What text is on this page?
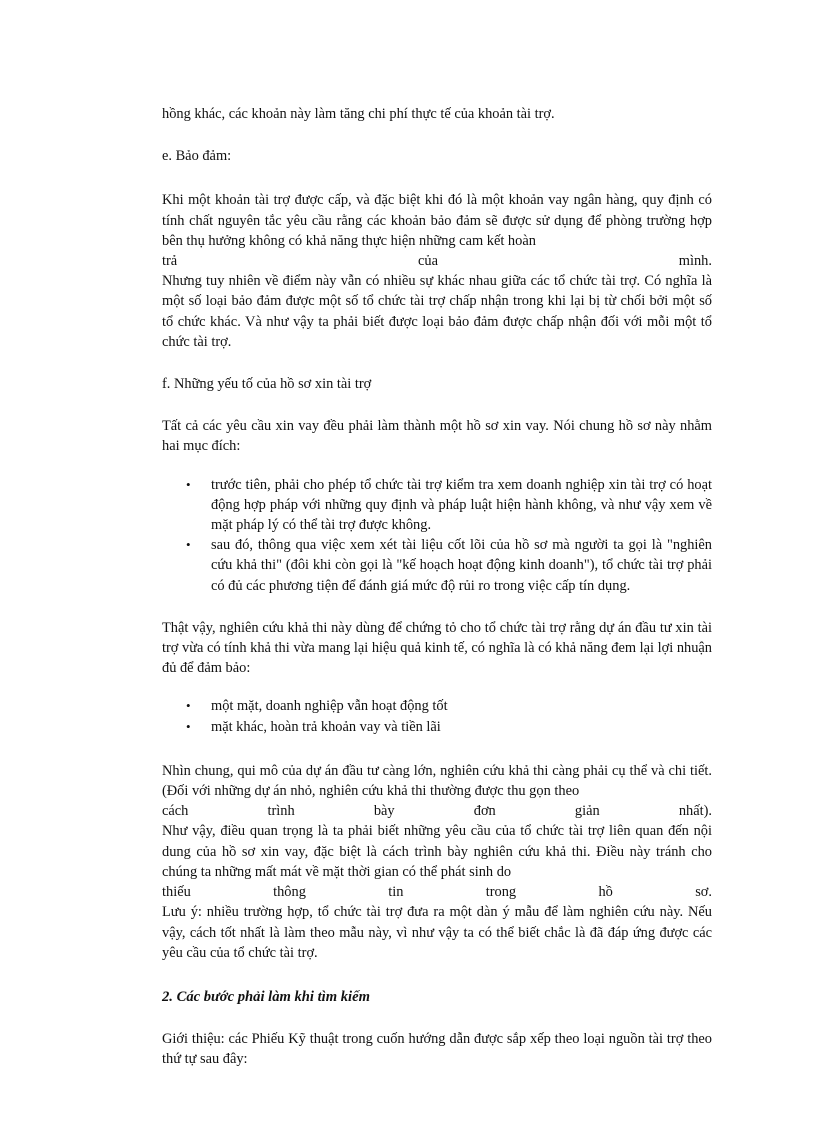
hồng khác, các khoản này làm tăng chi phí thực tế của khoản tài trợ.

e. Bảo đảm:

Khi một khoản tài trợ được cấp, và đặc biệt khi đó là một khoản vay ngân hàng, quy định có tính chất nguyên tắc yêu cầu rằng các khoản bảo đảm sẽ được sử dụng để phòng trường hợp bên thụ hưởng không có khả năng thực hiện những cam kết hoàn

trả	của	mình.

Nhưng tuy nhiên về điểm này vẫn có nhiều sự khác nhau giữa các tổ chức tài trợ. Có nghĩa là một số loại bảo đảm được một số tổ chức tài trợ chấp nhận trong khi lại bị từ chối bởi một số tổ chức khác. Và như vậy ta phải biết được loại bảo đảm được chấp nhận đối với mỗi một tổ chức tài trợ.

f. Những yếu tố của hồ sơ xin tài trợ

Tất cả các yêu cầu xin vay đều phải làm thành một hồ sơ xin vay. Nói chung hồ sơ này nhằm hai mục đích:

• trước tiên, phải cho phép tổ chức tài trợ kiểm tra xem doanh nghiệp xin tài trợ có hoạt động hợp pháp với những quy định và pháp luật hiện hành không, và như vậy xem về mặt pháp lý có thể tài trợ được không.
• sau đó, thông qua việc xem xét tài liệu cốt lõi của hồ sơ mà người ta gọi là "nghiên cứu khả thi" (đôi khi còn gọi là "kế hoạch hoạt động kinh doanh"), tổ chức tài trợ phải có đủ các phương tiện để đánh giá mức độ rủi ro trong việc cấp tín dụng.

Thật vậy, nghiên cứu khả thi này dùng để chứng tỏ cho tổ chức tài trợ rằng dự án đầu tư xin tài trợ vừa có tính khả thi vừa mang lại hiệu quả kinh tế, có nghĩa là có khả năng đem lại lợi nhuận đủ để đảm bảo:

• một mặt, doanh nghiệp vẫn hoạt động tốt
• mặt khác, hoàn trả khoản vay và tiền lãi

Nhìn chung, qui mô của dự án đầu tư càng lớn, nghiên cứu khả thi càng phải cụ thể và chi tiết. (Đối với những dự án nhỏ, nghiên cứu khả thi thường được thu gọn theo

cách	trình	bày	đơn	giản	nhất).

Như vậy, điều quan trọng là ta phải biết những yêu cầu của tổ chức tài trợ liên quan đến nội dung của hồ sơ xin vay, đặc biệt là cách trình bày nghiên cứu khả thi. Điều này tránh cho chúng ta những mất mát về mặt thời gian có thể phát sinh do

thiếu	thông	tin	trong	hồ	sơ.

Lưu ý: nhiều trường hợp, tổ chức tài trợ đưa ra một dàn ý mẫu để làm nghiên cứu này. Nếu vậy, cách tốt nhất là làm theo mẫu này, vì như vậy ta có thể biết chắc là đã đáp ứng được các yêu cầu của tổ chức tài trợ.

2. Các bước phải làm khi tìm kiếm

Giới thiệu: các Phiếu Kỹ thuật trong cuốn hướng dẫn được sắp xếp theo loại nguồn tài trợ theo thứ tự sau đây:
